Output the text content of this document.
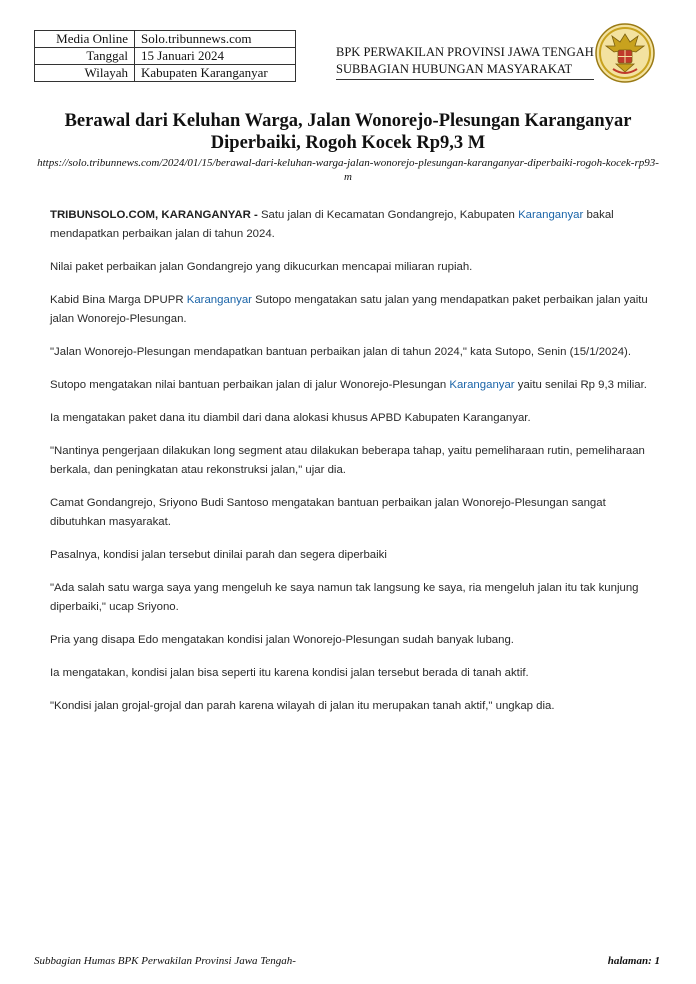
Media Online	Solo.tribunnews.com
Tanggal	15 Januari 2024
Wilayah	Kabupaten Karanganyar
BPK PERWAKILAN PROVINSI JAWA TENGAH
SUBBAGIAN HUBUNGAN MASYARAKAT
Berawal dari Keluhan Warga, Jalan Wonorejo-Plesungan Karanganyar Diperbaiki, Rogoh Kocek Rp9,3 M
https://solo.tribunnews.com/2024/01/15/berawal-dari-keluhan-warga-jalan-wonorejo-plesungan-karanganyar-diperbaiki-rogoh-kocek-rp93-m

TRIBUNSOLO.COM, KARANGANYAR - Satu jalan di Kecamatan Gondangrejo, Kabupaten Karanganyar bakal mendapatkan perbaikan jalan di tahun 2024.

Nilai paket perbaikan jalan Gondangrejo yang dikucurkan mencapai miliaran rupiah.

Kabid Bina Marga DPUPR Karanganyar Sutopo mengatakan satu jalan yang mendapatkan paket perbaikan jalan yaitu jalan Wonorejo-Plesungan.

"Jalan Wonorejo-Plesungan mendapatkan bantuan perbaikan jalan di tahun 2024," kata Sutopo, Senin (15/1/2024).

Sutopo mengatakan nilai bantuan perbaikan jalan di jalur Wonorejo-Plesungan Karanganyar yaitu senilai Rp 9,3 miliar.

Ia mengatakan paket dana itu diambil dari dana alokasi khusus APBD Kabupaten Karanganyar.

"Nantinya pengerjaan dilakukan long segment atau dilakukan beberapa tahap, yaitu pemeliharaan rutin, pemeliharaan berkala, dan peningkatan atau rekonstruksi jalan," ujar dia.

Camat Gondangrejo, Sriyono Budi Santoso mengatakan bantuan perbaikan jalan Wonorejo-Plesungan sangat dibutuhkan masyarakat.

Pasalnya, kondisi jalan tersebut dinilai parah dan segera diperbaiki

"Ada salah satu warga saya yang mengeluh ke saya namun tak langsung ke saya, ria mengeluh jalan itu tak kunjung diperbaiki," ucap Sriyono.

Pria yang disapa Edo mengatakan kondisi jalan Wonorejo-Plesungan sudah banyak lubang.

Ia mengatakan, kondisi jalan bisa seperti itu karena kondisi jalan tersebut berada di tanah aktif.

"Kondisi jalan grojal-grojal dan parah karena wilayah di jalan itu merupakan tanah aktif," ungkap dia.

Subbagian Humas BPK Perwakilan Provinsi Jawa Tengah-	halaman: 1
